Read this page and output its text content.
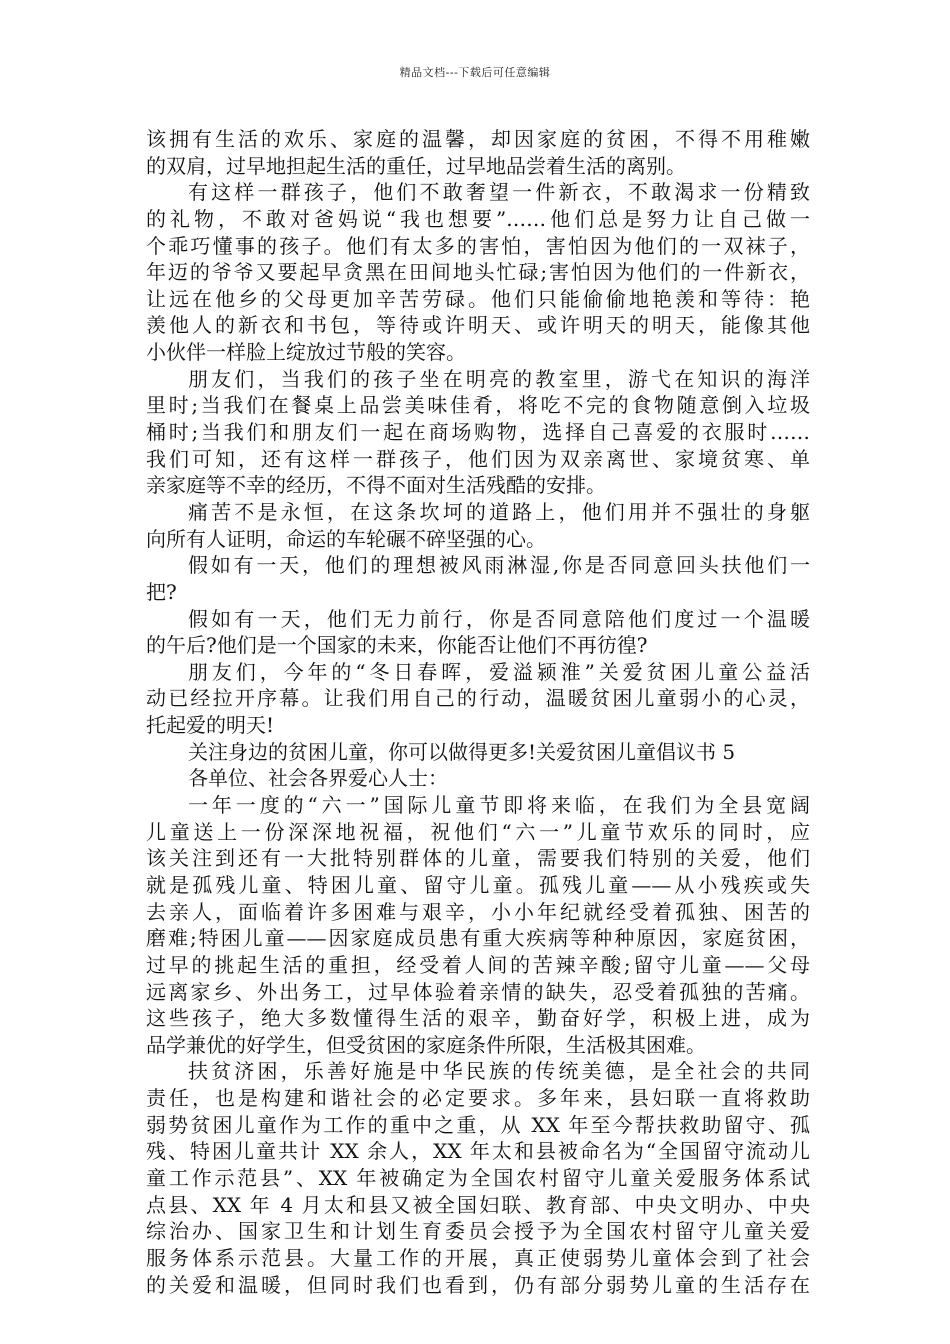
精品文档---下载后可任意编辑
该拥有生活的欢乐、家庭的温馨，却因家庭的贫困，不得不用稚嫩
的双肩，过早地担起生活的重任，过早地品尝着生活的离别。
有这样一群孩子，他们不敢奢望一件新衣，不敢渴求一份精致
的礼物，不敢对爸妈说“我也想要”……他们总是努力让自己做一
个乖巧懂事的孩子。他们有太多的害怕，害怕因为他们的一双袜子，
年迈的爷爷又要起早贪黑在田间地头忙碌;害怕因为他们的一件新衣，
让远在他乡的父母更加辛苦劳碌。他们只能偷偷地艳羡和等待：艳
羡他人的新衣和书包，等待或许明天、或许明天的明天，能像其他
小伙伴一样脸上绽放过节般的笑容。
朋友们，当我们的孩子坐在明亮的教室里，游弋在知识的海洋
里时;当我们在餐桌上品尝美味佳肴，将吃不完的食物随意倒入垃圾
桶时;当我们和朋友们一起在商场购物，选择自己喜爱的衣服时……
我们可知，还有这样一群孩子，他们因为双亲离世、家境贫寒、单
亲家庭等不幸的经历，不得不面对生活残酷的安排。
痛苦不是永恒，在这条坎坷的道路上，他们用并不强壮的身躯
向所有人证明，命运的车轮碾不碎坚强的心。
假如有一天，他们的理想被风雨淋湿,你是否同意回头扶他们一
把?
假如有一天，他们无力前行，你是否同意陪他们度过一个温暖
的午后?他们是一个国家的未来，你能否让他们不再彷徨?
朋友们，今年的“冬日春晖，爱溢颍淮”关爱贫困儿童公益活
动已经拉开序幕。让我们用自己的行动，温暖贫困儿童弱小的心灵，
托起爱的明天!
关注身边的贫困儿童，你可以做得更多!关爱贫困儿童倡议书 5
各单位、社会各界爱心人士：
一年一度的“六一”国际儿童节即将来临，在我们为全县宽阔
儿童送上一份深深地祝福，祝他们“六一”儿童节欢乐的同时，应
该关注到还有一大批特别群体的儿童，需要我们特别的关爱，他们
就是孤残儿童、特困儿童、留守儿童。孤残儿童——从小残疾或失
去亲人，面临着许多困难与艰辛，小小年纪就经受着孤独、困苦的
磨难;特困儿童——因家庭成员患有重大疾病等种种原因，家庭贫困，
过早的挑起生活的重担，经受着人间的苦辣辛酸;留守儿童——父母
远离家乡、外出务工，过早体验着亲情的缺失，忍受着孤独的苦痛。
这些孩子，绝大多数懂得生活的艰辛，勤奋好学，积极上进，成为
品学兼优的好学生，但受贫困的家庭条件所限，生活极其困难。
扶贫济困，乐善好施是中华民族的传统美德，是全社会的共同
责任，也是构建和谐社会的必定要求。多年来，县妇联一直将救助
弱势贫困儿童作为工作的重中之重，从 XX 年至今帮扶救助留守、孤
残、特困儿童共计 XX 余人，XX 年太和县被命名为“全国留守流动儿
童工作示范县”、XX 年被确定为全国农村留守儿童关爱服务体系试
点县、XX 年 4 月太和县又被全国妇联、教育部、中央文明办、中央
综治办、国家卫生和计划生育委员会授予为全国农村留守儿童关爱
服务体系示范县。大量工作的开展，真正使弱势儿童体会到了社会
的关爱和温暖，但同时我们也看到，仍有部分弱势儿童的生活存在
